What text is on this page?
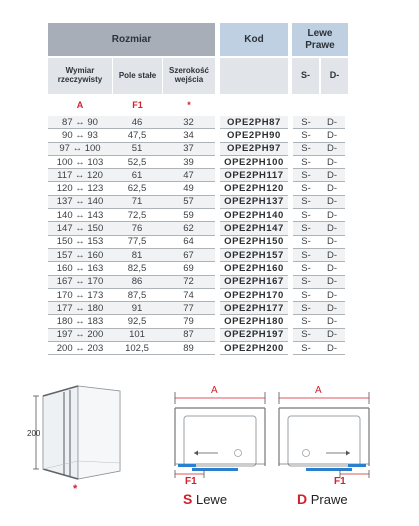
Rozmiar	Kod
Lewe Prawe
Wymiar rzeczywisty	Pole stałe	Szerokość wejścia	S-	D-
A	F1	*
87 ↔ 90	46	32		OPE2PH87		S-	D-
90 ↔ 93	47,5	34		OPE2PH90		S-	D-
97 ↔ 100	51	37		OPE2PH97		S-	D-
100 ↔ 103	52,5	39		OPE2PH100		S-	D-
117 ↔ 120	61	47		OPE2PH117		S-	D-
120 ↔ 123	62,5	49		OPE2PH120		S-	D-
137 ↔ 140	71	57		OPE2PH137		S-	D-
140 ↔ 143	72,5	59		OPE2PH140		S-	D-
147 ↔ 150	76	62		OPE2PH147		S-	D-
150 ↔ 153	77,5	64		OPE2PH150		S-	D-
157 ↔ 160	81	67		OPE2PH157		S-	D-
160 ↔ 163	82,5	69		OPE2PH160		S-	D-
167 ↔ 170	86	72		OPE2PH167		S-	D-
170 ↔ 173	87,5	74		OPE2PH170		S-	D-
177 ↔ 180	91	77		OPE2PH177		S-	D-
180 ↔ 183	92,5	79		OPE2PH180		S-	D-
197 ↔ 200	101	87		OPE2PH197		S-	D-
200 ↔ 203	102,5	89		OPE2PH200		S-	D-
200
*
A
F1
S Lewe
A
F1
D Prawe
